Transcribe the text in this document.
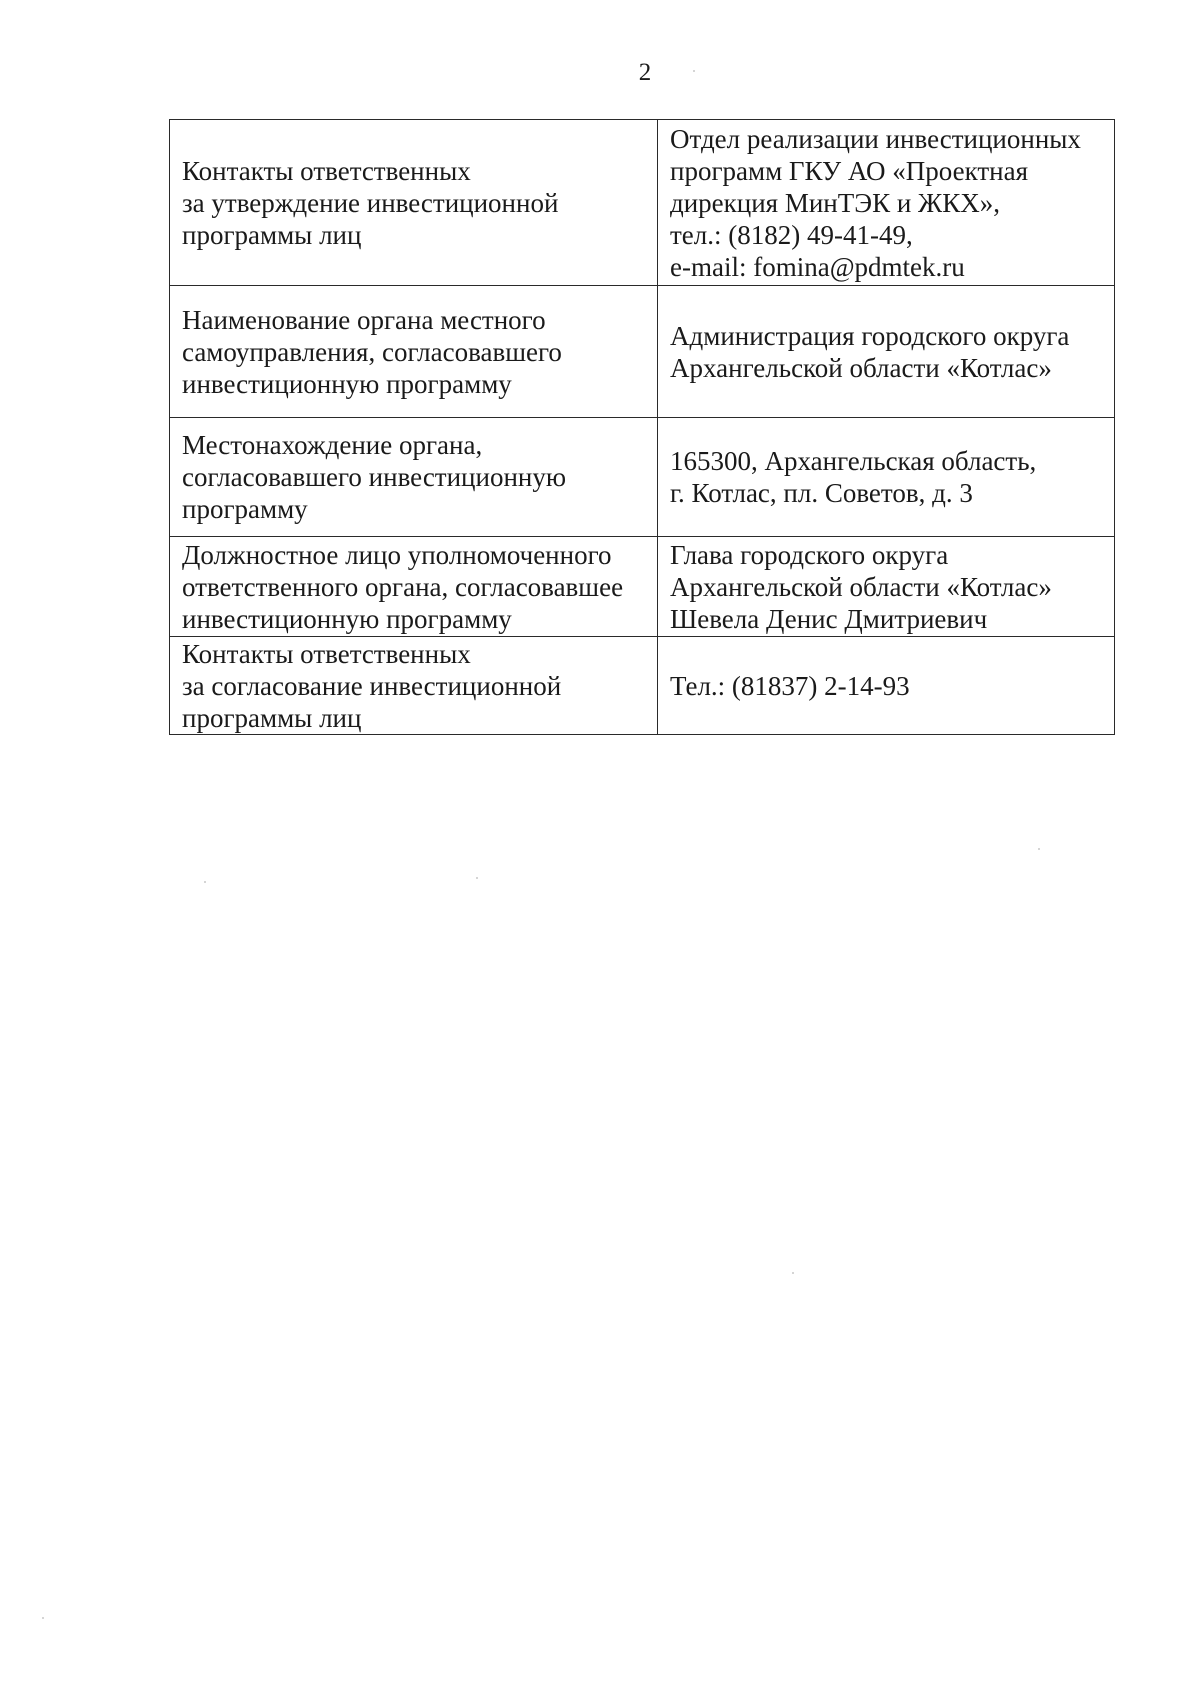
2
Контакты ответственных
за утверждение инвестиционной
программы лиц	Отдел реализации инвестиционных
программ ГКУ АО «Проектная
дирекция МинТЭК и ЖКХ»,
тел.: (8182) 49-41-49,
e-mail: fomina@pdmtek.ru

Наименование органа местного
самоуправления, согласовавшего
инвестиционную программу	Администрация городского округа
Архангельской области «Котлас»

Местонахождение органа,
согласовавшего инвестиционную
программу	165300, Архангельская область,
г. Котлас, пл. Советов, д. 3

Должностное лицо уполномоченного
ответственного органа, согласовавшее
инвестиционную программу	Глава городского округа
Архангельской области «Котлас»
Шевела Денис Дмитриевич

Контакты ответственных
за согласование инвестиционной
программы лиц	Тел.: (81837) 2-14-93
